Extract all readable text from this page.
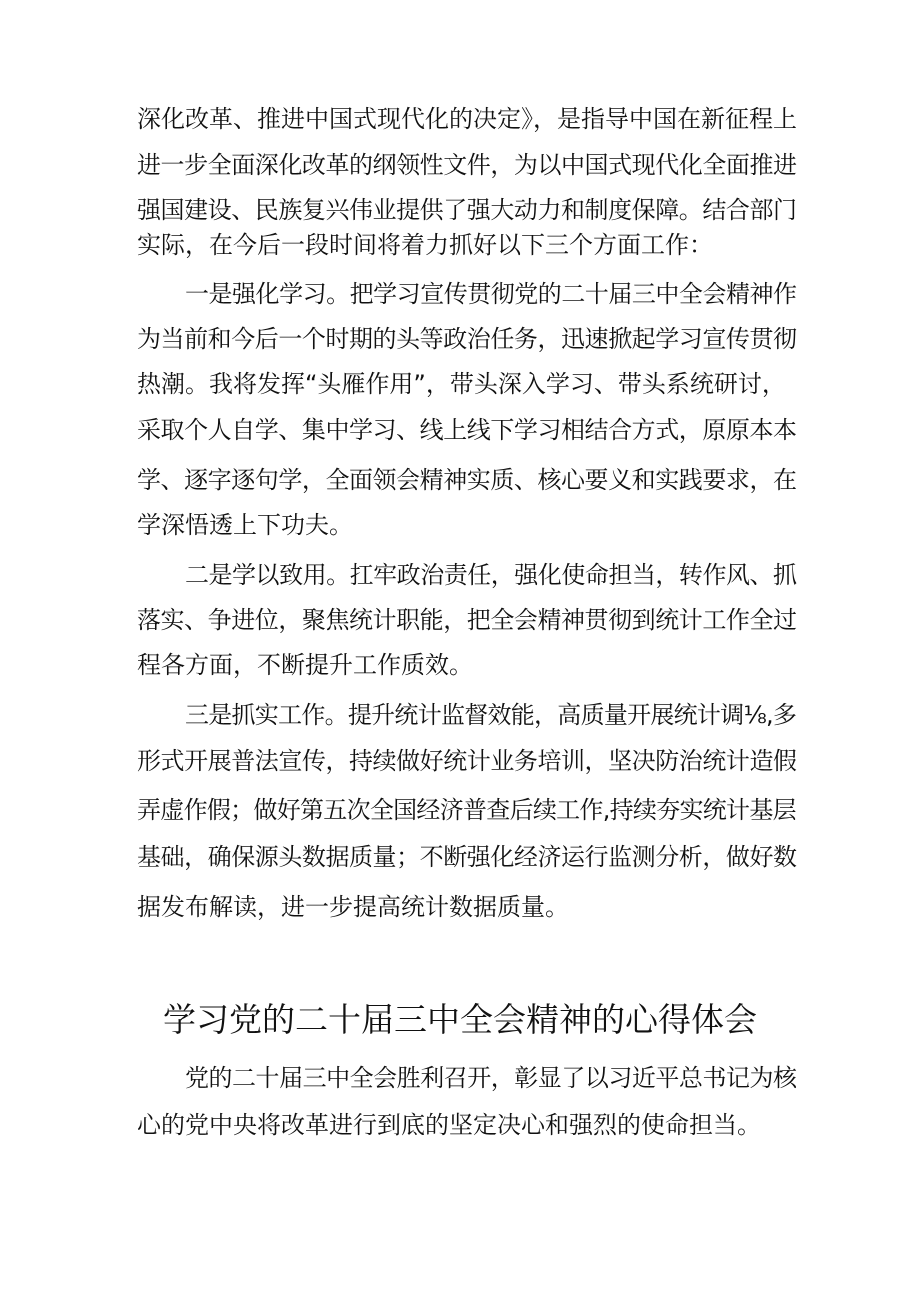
深化改革、推进中国式现代化的决定》，是指导中国在新征程上
进一步全面深化改革的纲领性文件，为以中国式现代化全面推进
强国建设、民族复兴伟业提供了强大动力和制度保障。结合部门
实际，在今后一段时间将着力抓好以下三个方面工作：
一是强化学习。把学习宣传贯彻党的二十届三中全会精神作
为当前和今后一个时期的头等政治任务，迅速掀起学习宣传贯彻
热潮。我将发挥“头雁作用”，带头深入学习、带头系统研讨，
采取个人自学、集中学习、线上线下学习相结合方式，原原本本
学、逐字逐句学，全面领会精神实质、核心要义和实践要求，在
学深悟透上下功夫。
二是学以致用。扛牢政治责任，强化使命担当，转作风、抓
落实、争进位，聚焦统计职能，把全会精神贯彻到统计工作全过
程各方面，不断提升工作质效。
三是抓实工作。提升统计监督效能，高质量开展统计调⅛,多
形式开展普法宣传，持续做好统计业务培训，坚决防治统计造假
弄虚作假；做好第五次全国经济普查后续工作,持续夯实统计基层
基础，确保源头数据质量；不断强化经济运行监测分析，做好数
据发布解读，进一步提高统计数据质量。
学习党的二十届三中全会精神的心得体会
党的二十届三中全会胜利召开，彰显了以习近平总书记为核
心的党中央将改革进行到底的坚定决心和强烈的使命担当。
